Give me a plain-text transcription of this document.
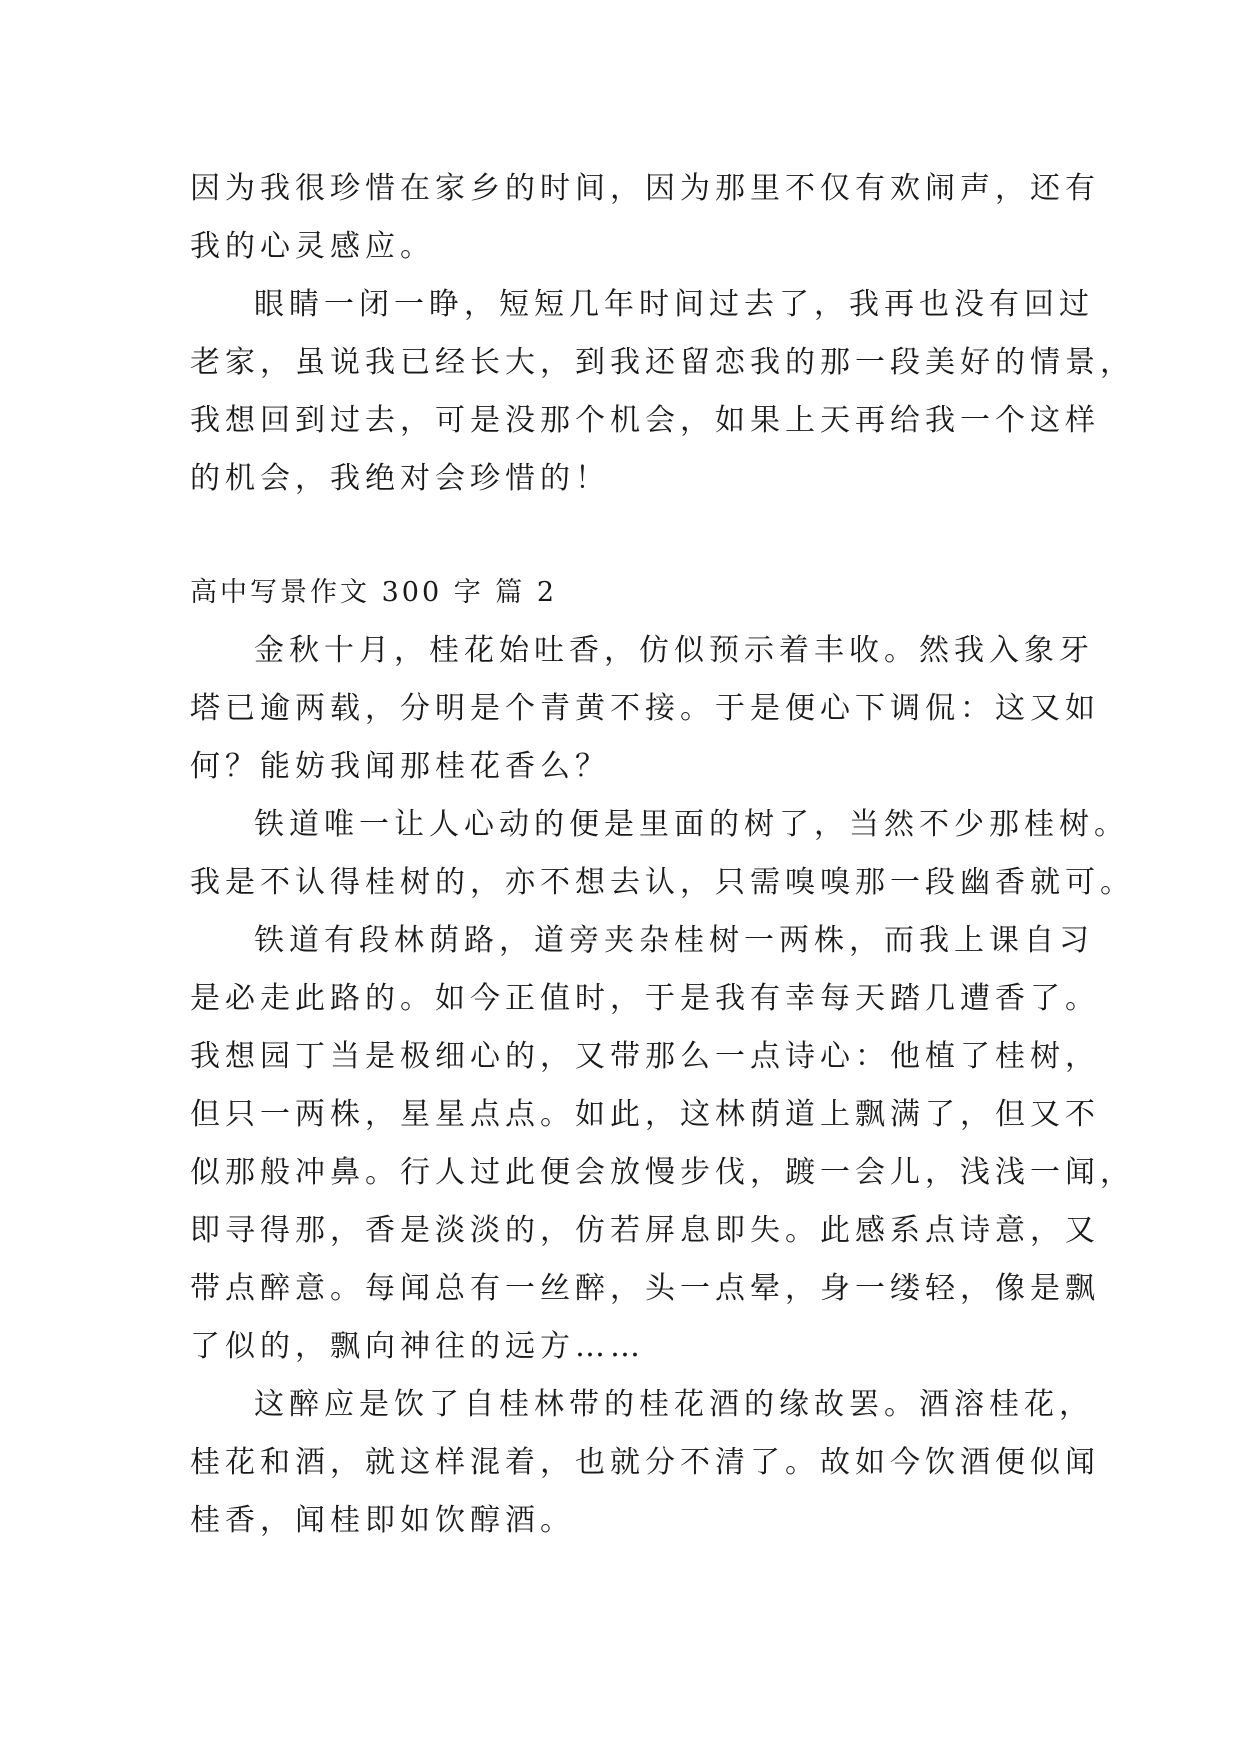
因为我很珍惜在家乡的时间，因为那里不仅有欢闹声，还有
我的心灵感应。
眼睛一闭一睁，短短几年时间过去了，我再也没有回过
老家，虽说我已经长大，到我还留恋我的那一段美好的情景，
我想回到过去，可是没那个机会，如果上天再给我一个这样
的机会，我绝对会珍惜的！
高中写景作文 300 字 篇 2
金秋十月，桂花始吐香，仿似预示着丰收。然我入象牙
塔已逾两载，分明是个青黄不接。于是便心下调侃：这又如
何？能妨我闻那桂花香么？
铁道唯一让人心动的便是里面的树了，当然不少那桂树。
我是不认得桂树的，亦不想去认，只需嗅嗅那一段幽香就可。
铁道有段林荫路，道旁夹杂桂树一两株，而我上课自习
是必走此路的。如今正值时，于是我有幸每天踏几遭香了。
我想园丁当是极细心的，又带那么一点诗心：他植了桂树，
但只一两株，星星点点。如此，这林荫道上飘满了，但又不
似那般冲鼻。行人过此便会放慢步伐，踱一会儿，浅浅一闻，
即寻得那，香是淡淡的，仿若屏息即失。此感系点诗意，又
带点醉意。每闻总有一丝醉，头一点晕，身一缕轻，像是飘
了似的，飘向神往的远方……
这醉应是饮了自桂林带的桂花酒的缘故罢。酒溶桂花，
桂花和酒，就这样混着，也就分不清了。故如今饮酒便似闻
桂香，闻桂即如饮醇酒。
